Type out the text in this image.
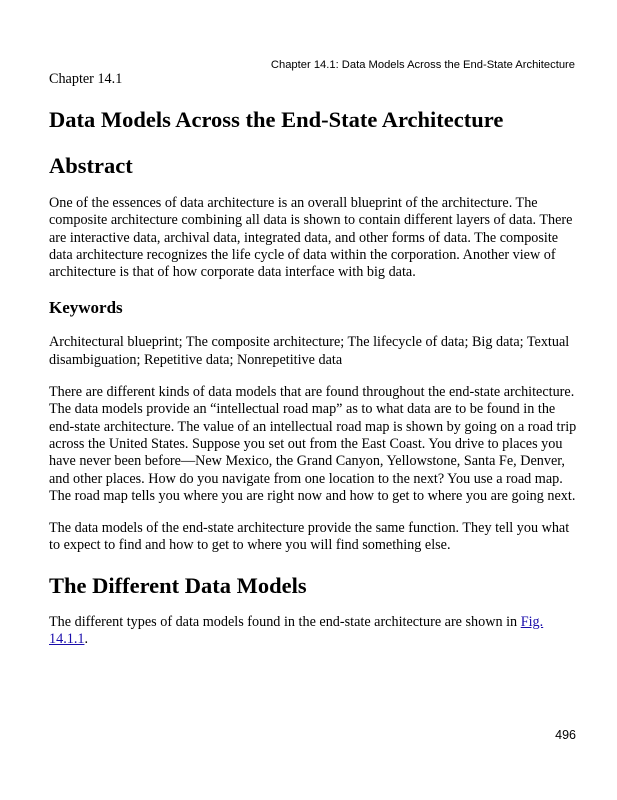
Chapter 14.1: Data Models Across the End-State Architecture
Chapter 14.1
Data Models Across the End-State Architecture
Abstract

One of the essences of data architecture is an overall blueprint of the architecture. The composite architecture combining all data is shown to contain different layers of data. There are interactive data, archival data, integrated data, and other forms of data. The composite data architecture recognizes the life cycle of data within the corporation. Another view of architecture is that of how corporate data interface with big data.

Keywords

Architectural blueprint; The composite architecture; The lifecycle of data; Big data; Textual disambiguation; Repetitive data; Nonrepetitive data

There are different kinds of data models that are found throughout the end-state architecture. The data models provide an “intellectual road map” as to what data are to be found in the end-state architecture. The value of an intellectual road map is shown by going on a road trip across the United States. Suppose you set out from the East Coast. You drive to places you have never been before—New Mexico, the Grand Canyon, Yellowstone, Santa Fe, Denver, and other places. How do you navigate from one location to the next? You use a road map. The road map tells you where you are right now and how to get to where you are going next.

The data models of the end-state architecture provide the same function. They tell you what to expect to find and how to get to where you will find something else.

The Different Data Models

The different types of data models found in the end-state architecture are shown in Fig. 14.1.1.

496
